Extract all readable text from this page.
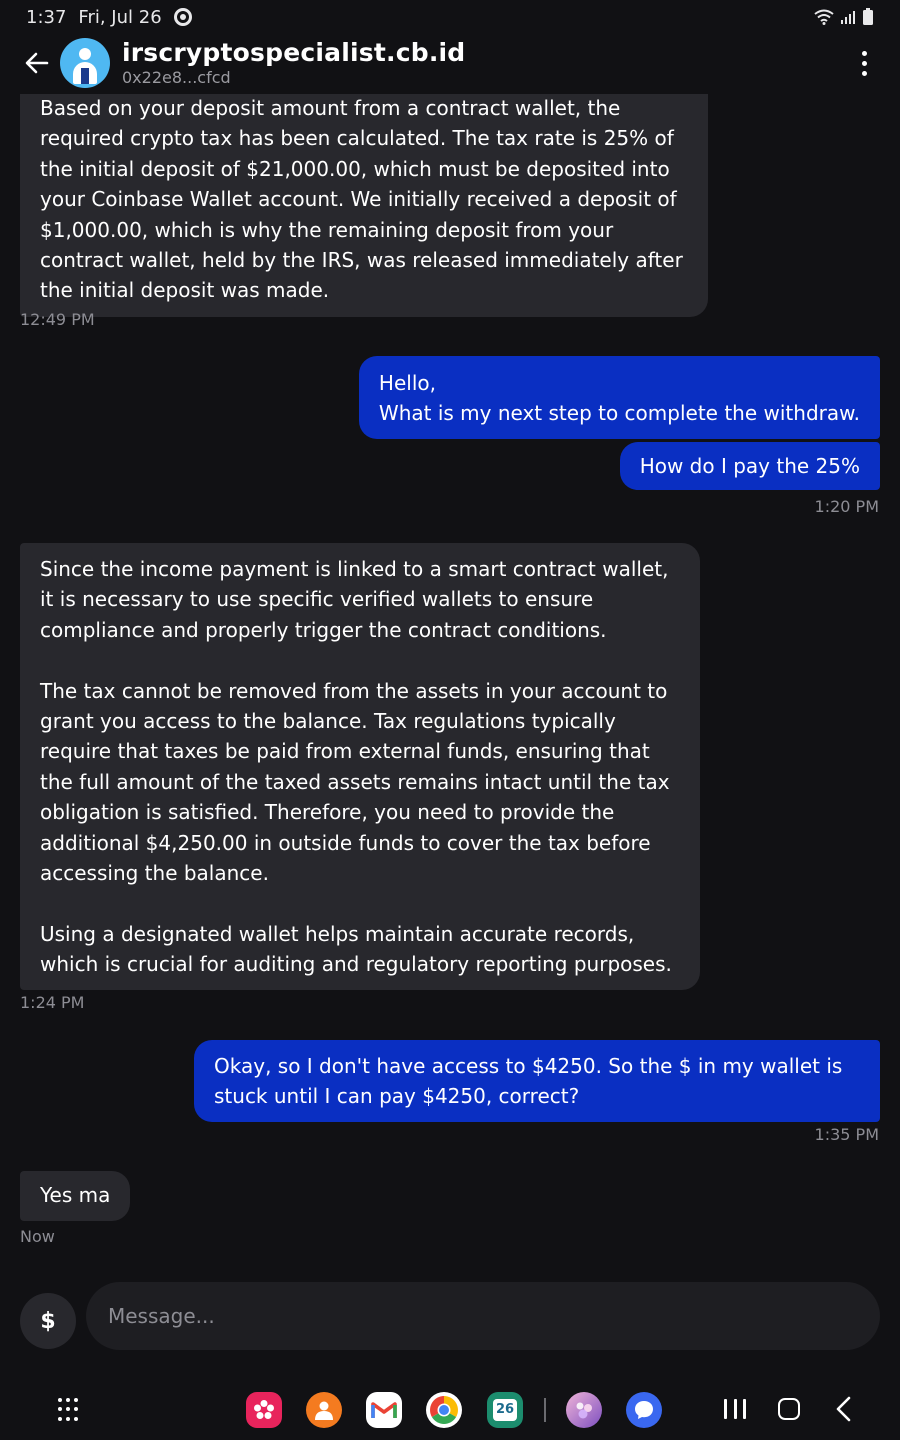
1:37 Fri, Jul 26
irscryptospecialist.cb.id
0x22e8...cfcd
Based on your deposit amount from a contract wallet, the required crypto tax has been calculated. The tax rate is 25% of the initial deposit of $21,000.00, which must be deposited into your Coinbase Wallet account. We initially received a deposit of $1,000.00, which is why the remaining deposit from your contract wallet, held by the IRS, was released immediately after the initial deposit was made.
12:49 PM
Hello,
What is my next step to complete the withdraw.
How do I pay the 25%
1:20 PM
Since the income payment is linked to a smart contract wallet, it is necessary to use specific verified wallets to ensure compliance and properly trigger the contract conditions.

The tax cannot be removed from the assets in your account to grant you access to the balance. Tax regulations typically require that taxes be paid from external funds, ensuring that the full amount of the taxed assets remains intact until the tax obligation is satisfied. Therefore, you need to provide the additional $4,250.00 in outside funds to cover the tax before accessing the balance.

Using a designated wallet helps maintain accurate records, which is crucial for auditing and regulatory reporting purposes.
1:24 PM
Okay, so I don't have access to $4250. So the $ in my wallet is stuck until I can pay $4250, correct?
1:35 PM
Yes ma
Now
$
Message...
26
